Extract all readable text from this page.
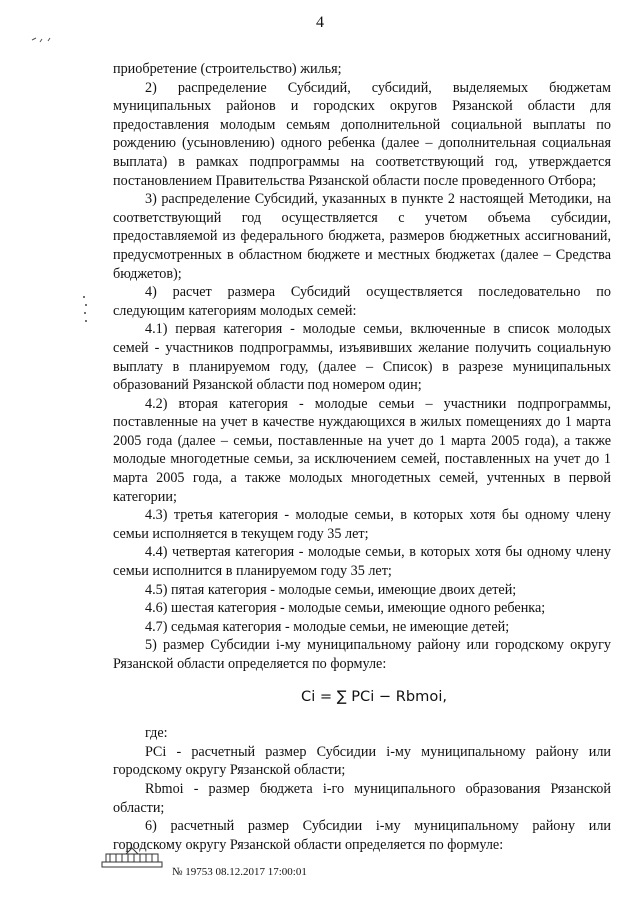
4

приобретение (строительство) жилья;

2) распределение Субсидий, субсидий, выделяемых бюджетам муниципальных районов и городских округов Рязанской области для предоставления молодым семьям дополнительной социальной выплаты по рождению (усыновлению) одного ребенка (далее – дополнительная социальная выплата) в рамках подпрограммы на соответствующий год, утверждается постановлением Правительства Рязанской области после проведенного Отбора;

3) распределение Субсидий, указанных в пункте 2 настоящей Методики, на соответствующий год осуществляется с учетом объема субсидии, предоставляемой из федерального бюджета, размеров бюджетных ассигнований, предусмотренных в областном бюджете и местных бюджетах (далее – Средства бюджетов);

4) расчет размера Субсидий осуществляется последовательно по следующим категориям молодых семей:

4.1) первая категория - молодые семьи, включенные в список молодых семей - участников подпрограммы, изъявивших желание получить социальную выплату в планируемом году, (далее – Список) в разрезе муниципальных образований Рязанской области под номером один;

4.2) вторая категория - молодые семьи – участники подпрограммы, поставленные на учет в качестве нуждающихся в жилых помещениях до 1 марта 2005 года (далее – семьи, поставленные на учет до 1 марта 2005 года), а также молодые многодетные семьи, за исключением семей, поставленных на учет до 1 марта 2005 года, а также молодых многодетных семей, учтенных в первой категории;

4.3) третья категория - молодые семьи, в которых хотя бы одному члену семьи исполняется в текущем году 35 лет;

4.4) четвертая категория - молодые семьи, в которых хотя бы одному члену семьи исполнится в планируемом году 35 лет;

4.5) пятая категория - молодые семьи, имеющие двоих детей;

4.6) шестая категория - молодые семьи, имеющие одного ребенка;

4.7) седьмая категория - молодые семьи, не имеющие детей;

5) размер Субсидии i-му муниципальному району или городскому округу Рязанской области определяется по формуле:

Ci = ∑ PCi − Rbmoi,

где:

PCi - расчетный размер Субсидии i-му муниципальному району или городскому округу Рязанской области;

Rbmoi - размер бюджета i-го муниципального образования Рязанской области;

6) расчетный размер Субсидии i-му муниципальному району или городскому округу Рязанской области определяется по формуле:

№ 19753 08.12.2017 17:00:01
